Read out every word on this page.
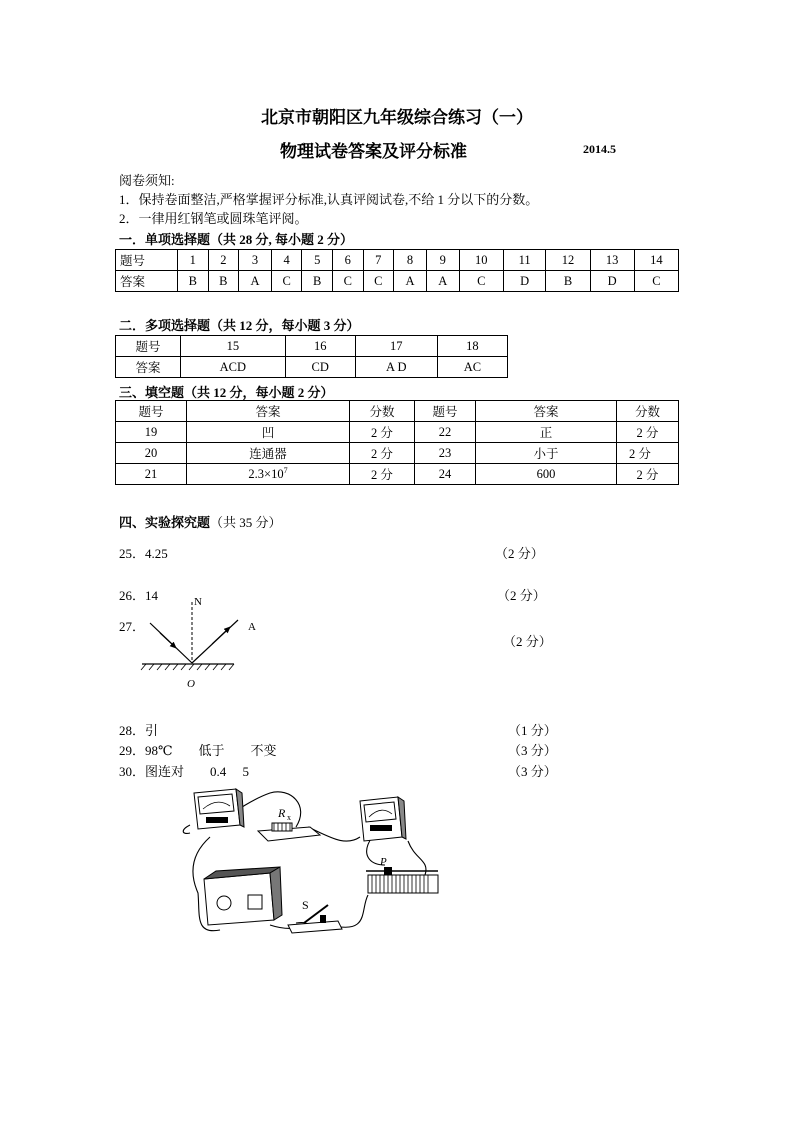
北京市朝阳区九年级综合练习（一）
物理试卷答案及评分标准	2014.5
阅卷须知:
1．保持卷面整洁,严格掌握评分标准,认真评阅试卷,不给 1 分以下的分数。
2．一律用红钢笔或圆珠笔评阅。
一．单项选择题（共 28 分, 每小题 2 分）
题号	1	2	3	4	5	6	7	8	9	10	11	12	13	14
答案	B	B	A	C	B	C	C	A	A	C	D	B	D	C
二．多项选择题（共 12 分，每小题 3 分）
题号	15	16	17	18
答案	ACD	CD	A D	AC
三、填空题（共 12 分，每小题 2 分）
题号	答案	分数	题号	答案	分数
19	凹	2 分	22	正	2 分
20	连通器	2 分	23	小于	2 分
21	$2.3\times 10^7$	2 分	24	600	2 分
四、实验探究题（共 35 分）
25．4.25	（2 分）
26．14	（2 分）
27．
（2 分）
N
A
O
28．引	（1 分）
29．98℃　　低于　　不变	（3 分）
30．图连对　　0.4　 5	（3 分）
R x
P
S
